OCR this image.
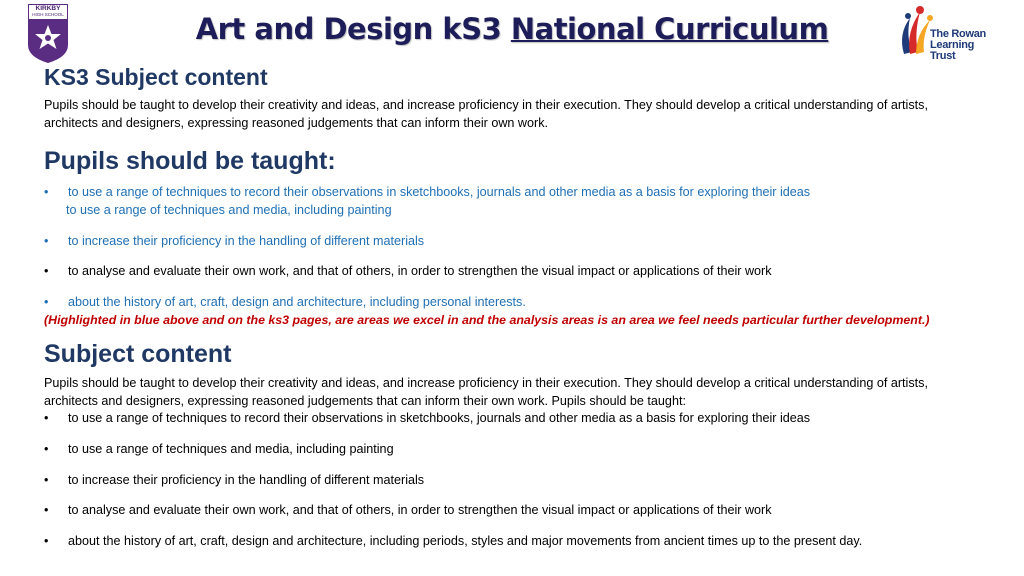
KIRKBY
HIGH SCHOOL	Art and Design kS3 National Curriculum	The Rowan
Learning Trust
KS3 Subject content
Pupils should be taught to develop their creativity and ideas, and increase proficiency in their execution. They should develop a critical understanding of artists, architects and designers, expressing reasoned judgements that can inform their own work.
Pupils should be taught:
• to use a range of techniques to record their observations in sketchbooks, journals and other media as a basis for exploring their ideas
to use a range of techniques and media, including painting
• to increase their proficiency in the handling of different materials
• to analyse and evaluate their own work, and that of others, in order to strengthen the visual impact or applications of their work
• about the history of art, craft, design and architecture, including personal interests.
(Highlighted in blue above and on the ks3 pages, are areas we excel in and the analysis areas is an area we feel needs particular further development.)
Subject content
Pupils should be taught to develop their creativity and ideas, and increase proficiency in their execution. They should develop a critical understanding of artists, architects and designers, expressing reasoned judgements that can inform their own work. Pupils should be taught:
• to use a range of techniques to record their observations in sketchbooks, journals and other media as a basis for exploring their ideas
• to use a range of techniques and media, including painting
• to increase their proficiency in the handling of different materials
• to analyse and evaluate their own work, and that of others, in order to strengthen the visual impact or applications of their work
• about the history of art, craft, design and architecture, including periods, styles and major movements from ancient times up to the present day.
